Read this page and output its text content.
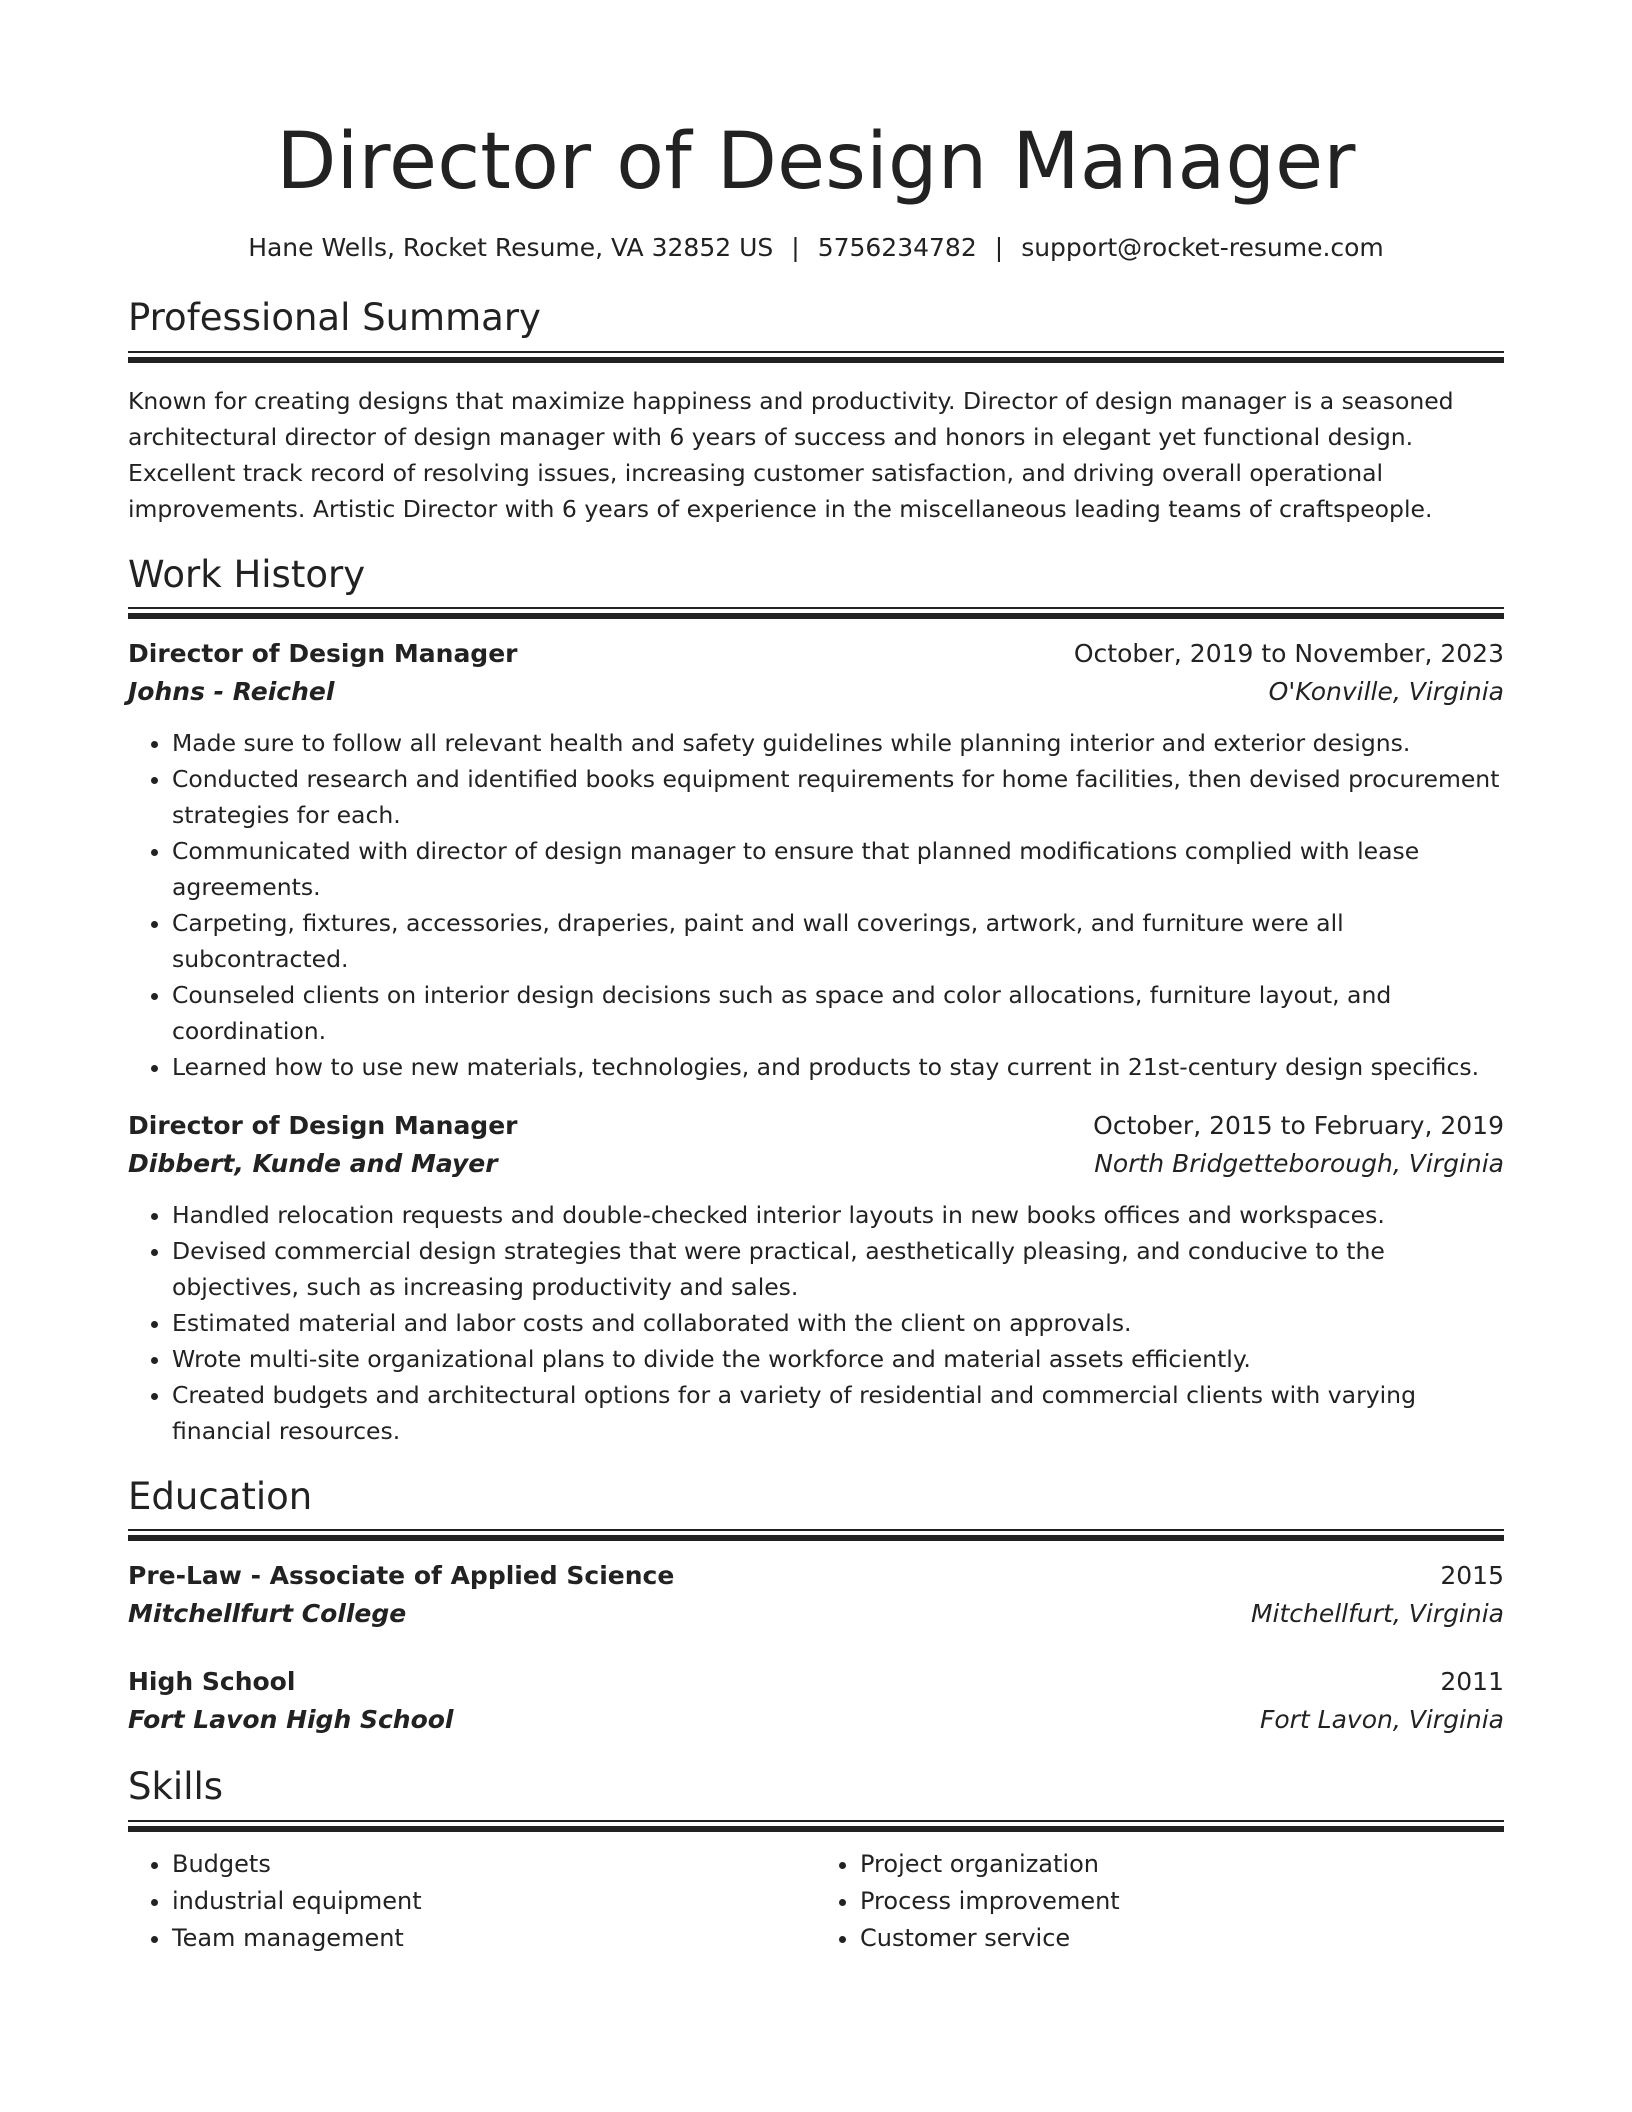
Director of Design Manager
Hane Wells, Rocket Resume, VA 32852 US | 5756234782 | support@rocket-resume.com
Professional Summary
Known for creating designs that maximize happiness and productivity. Director of design manager is a seasoned architectural director of design manager with 6 years of success and honors in elegant yet functional design. Excellent track record of resolving issues, increasing customer satisfaction, and driving overall operational improvements. Artistic Director with 6 years of experience in the miscellaneous leading teams of craftspeople.
Work History
Director of Design Manager	October, 2019 to November, 2023
Johns - Reichel	O'Konville, Virginia
• Made sure to follow all relevant health and safety guidelines while planning interior and exterior designs.
• Conducted research and identified books equipment requirements for home facilities, then devised procurement strategies for each.
• Communicated with director of design manager to ensure that planned modifications complied with lease agreements.
• Carpeting, fixtures, accessories, draperies, paint and wall coverings, artwork, and furniture were all subcontracted.
• Counseled clients on interior design decisions such as space and color allocations, furniture layout, and coordination.
• Learned how to use new materials, technologies, and products to stay current in 21st-century design specifics.
Director of Design Manager	October, 2015 to February, 2019
Dibbert, Kunde and Mayer	North Bridgetteborough, Virginia
• Handled relocation requests and double-checked interior layouts in new books offices and workspaces.
• Devised commercial design strategies that were practical, aesthetically pleasing, and conducive to the objectives, such as increasing productivity and sales.
• Estimated material and labor costs and collaborated with the client on approvals.
• Wrote multi-site organizational plans to divide the workforce and material assets efficiently.
• Created budgets and architectural options for a variety of residential and commercial clients with varying financial resources.
Education
Pre-Law - Associate of Applied Science	2015
Mitchellfurt College	Mitchellfurt, Virginia
High School	2011
Fort Lavon High School	Fort Lavon, Virginia
Skills
• Budgets
• industrial equipment
• Team management
• Project organization
• Process improvement
• Customer service
